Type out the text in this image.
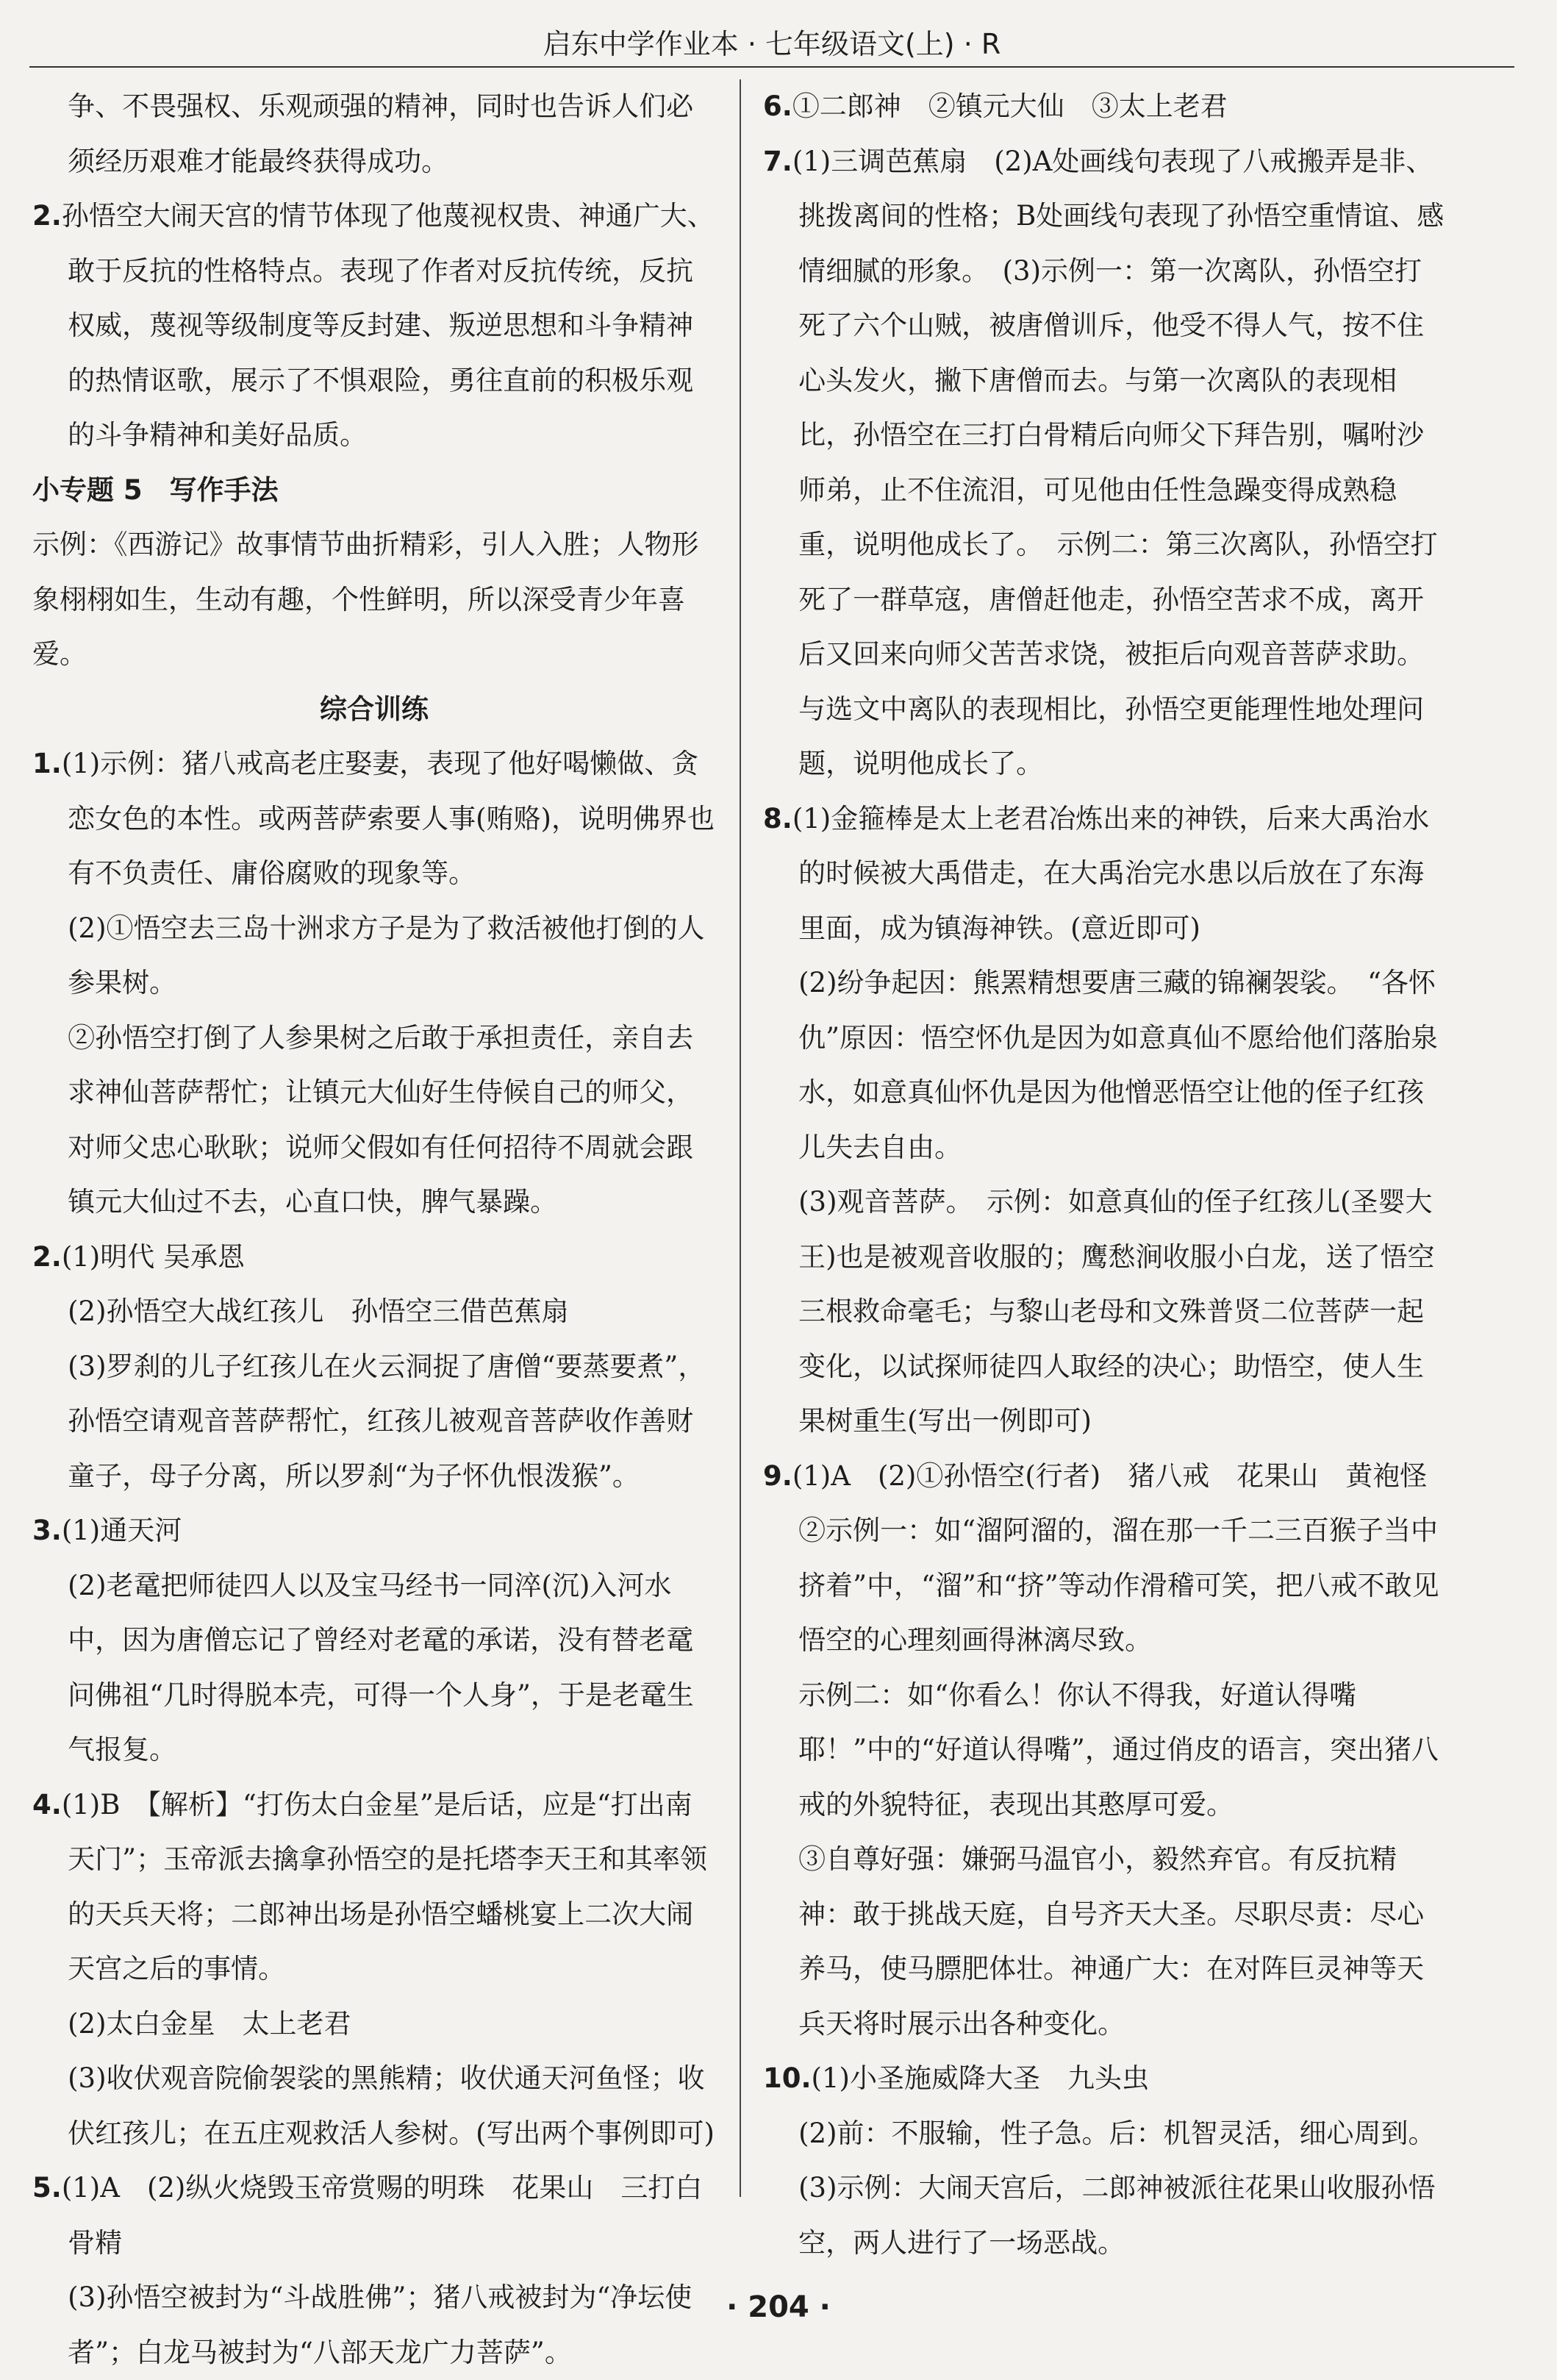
启东中学作业本 · 七年级语文(上) · R

争、不畏强权、乐观顽强的精神，同时也告诉人们必须经历艰难才能最终获得成功。

2.孙悟空大闹天宫的情节体现了他蔑视权贵、神通广大、敢于反抗的性格特点。表现了作者对反抗传统，反抗权威，蔑视等级制度等反封建、叛逆思想和斗争精神的热情讴歌，展示了不惧艰险，勇往直前的积极乐观的斗争精神和美好品质。

小专题 5　写作手法

示例：《西游记》故事情节曲折精彩，引人入胜；人物形象栩栩如生，生动有趣，个性鲜明，所以深受青少年喜爱。

综合训练

1.(1)示例：猪八戒高老庄娶妻，表现了他好喝懒做、贪恋女色的本性。或两菩萨索要人事(贿赂)，说明佛界也有不负责任、庸俗腐败的现象等。

(2)①悟空去三岛十洲求方子是为了救活被他打倒的人参果树。

②孙悟空打倒了人参果树之后敢于承担责任，亲自去求神仙菩萨帮忙；让镇元大仙好生侍候自己的师父，对师父忠心耿耿；说师父假如有任何招待不周就会跟镇元大仙过不去，心直口快，脾气暴躁。

2.(1)明代 吴承恩

(2)孙悟空大战红孩儿　孙悟空三借芭蕉扇

(3)罗刹的儿子红孩儿在火云洞捉了唐僧“要蒸要煮”，孙悟空请观音菩萨帮忙，红孩儿被观音菩萨收作善财童子，母子分离，所以罗刹“为子怀仇恨泼猴”。

3.(1)通天河

(2)老鼋把师徒四人以及宝马经书一同淬(沉)入河水中，因为唐僧忘记了曾经对老鼋的承诺，没有替老鼋问佛祖“几时得脱本壳，可得一个人身”，于是老鼋生气报复。

4.(1)B　【解析】“打伤太白金星”是后话，应是“打出南天门”；玉帝派去擒拿孙悟空的是托塔李天王和其率领的天兵天将；二郎神出场是孙悟空蟠桃宴上二次大闹天宫之后的事情。

(2)太白金星　太上老君

(3)收伏观音院偷袈裟的黑熊精；收伏通天河鱼怪；收伏红孩儿；在五庄观救活人参树。(写出两个事例即可)

5.(1)A　(2)纵火烧毁玉帝赏赐的明珠　花果山　三打白骨精

(3)孙悟空被封为“斗战胜佛”；猪八戒被封为“净坛使者”；白龙马被封为“八部天龙广力菩萨”。

6.①二郎神　②镇元大仙　③太上老君

7.(1)三调芭蕉扇　(2)A处画线句表现了八戒搬弄是非、挑拨离间的性格；B处画线句表现了孙悟空重情谊、感情细腻的形象。　(3)示例一：第一次离队，孙悟空打死了六个山贼，被唐僧训斥，他受不得人气，按不住心头发火，撇下唐僧而去。与第一次离队的表现相比，孙悟空在三打白骨精后向师父下拜告别，嘱咐沙师弟，止不住流泪，可见他由任性急躁变得成熟稳重，说明他成长了。　示例二：第三次离队，孙悟空打死了一群草寇，唐僧赶他走，孙悟空苦求不成，离开后又回来向师父苦苦求饶，被拒后向观音菩萨求助。与选文中离队的表现相比，孙悟空更能理性地处理问题，说明他成长了。

8.(1)金箍棒是太上老君冶炼出来的神铁，后来大禹治水的时候被大禹借走，在大禹治完水患以后放在了东海里面，成为镇海神铁。(意近即可)

(2)纷争起因：熊罴精想要唐三藏的锦襕袈裟。　“各怀仇”原因：悟空怀仇是因为如意真仙不愿给他们落胎泉水，如意真仙怀仇是因为他憎恶悟空让他的侄子红孩儿失去自由。

(3)观音菩萨。　示例：如意真仙的侄子红孩儿(圣婴大王)也是被观音收服的；鹰愁涧收服小白龙，送了悟空三根救命毫毛；与黎山老母和文殊普贤二位菩萨一起变化，以试探师徒四人取经的决心；助悟空，使人生果树重生(写出一例即可)

9.(1)A　(2)①孙悟空(行者)　猪八戒　花果山　黄袍怪

②示例一：如“溜阿溜的，溜在那一千二三百猴子当中挤着”中，“溜”和“挤”等动作滑稽可笑，把八戒不敢见悟空的心理刻画得淋漓尽致。

示例二：如“你看么！你认不得我，好道认得嘴耶！”中的“好道认得嘴”，通过俏皮的语言，突出猪八戒的外貌特征，表现出其憨厚可爱。

③自尊好强：嫌弼马温官小，毅然弃官。有反抗精神：敢于挑战天庭，自号齐天大圣。尽职尽责：尽心养马，使马膘肥体壮。神通广大：在对阵巨灵神等天兵天将时展示出各种变化。

10.(1)小圣施威降大圣　九头虫

(2)前：不服输，性子急。后：机智灵活，细心周到。

(3)示例：大闹天宫后，二郎神被派往花果山收服孙悟空，两人进行了一场恶战。

· 204 ·
